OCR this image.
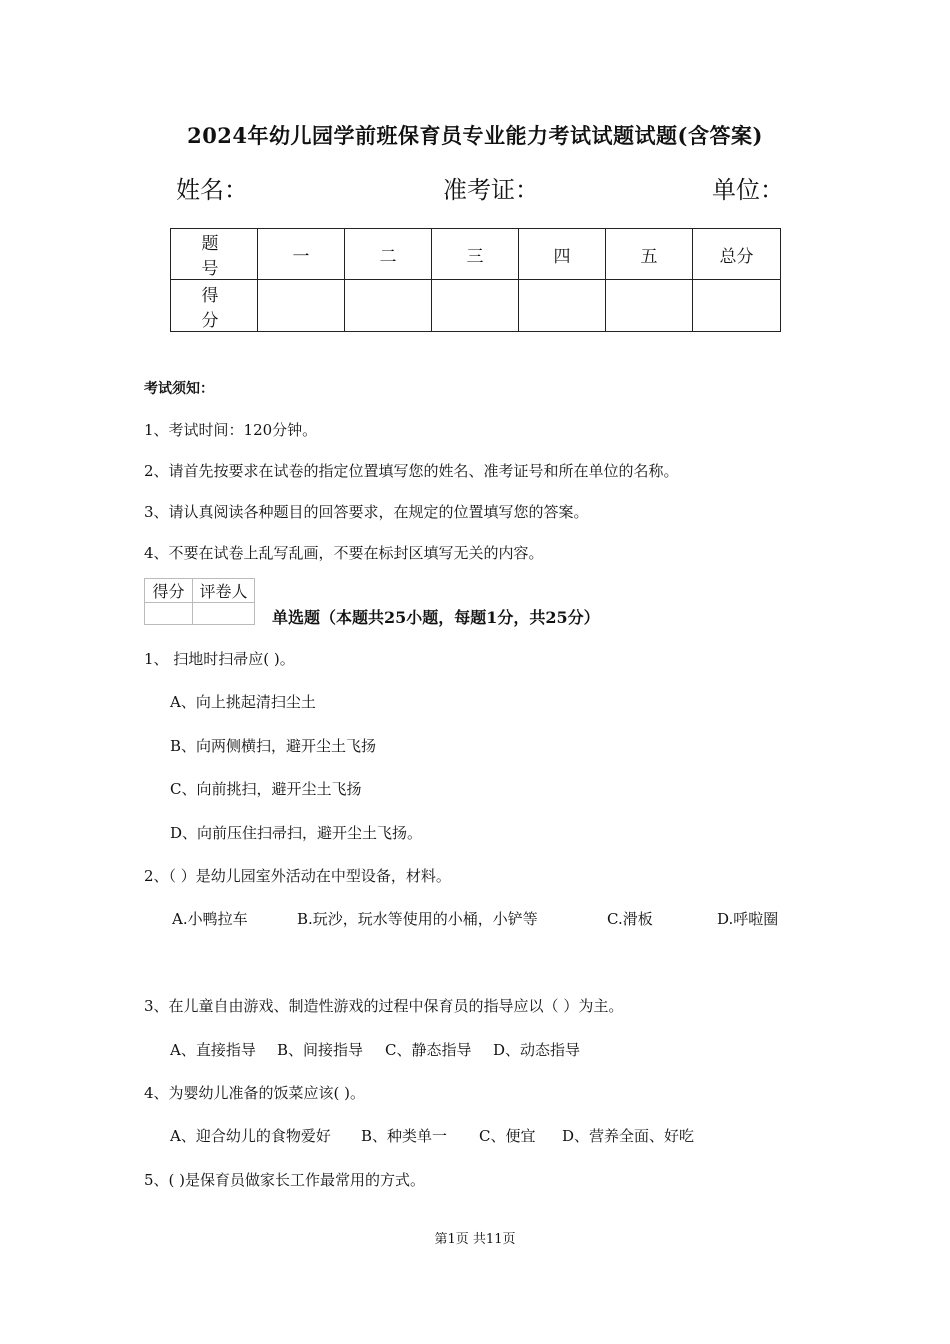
2024年幼儿园学前班保育员专业能力考试试题试题(含答案)
姓名：	准考证：	单位：
题 号	一	二	三	四	五	总分
得 分						
考试须知：
1、考试时间：120分钟。
2、请首先按要求在试卷的指定位置填写您的姓名、准考证号和所在单位的名称。
3、请认真阅读各种题目的回答要求，在规定的位置填写您的答案。
4、不要在试卷上乱写乱画，不要在标封区填写无关的内容。
得分	评卷人

单选题（本题共25小题，每题1分，共25分）
1、 扫地时扫帚应( )。
A、向上挑起清扫尘土
B、向两侧横扫，避开尘土飞扬
C、向前挑扫，避开尘土飞扬
D、向前压住扫帚扫，避开尘土飞扬。
2、（ ）是幼儿园室外活动在中型设备，材料。
A.小鸭拉车	B.玩沙，玩水等使用的小桶，小铲等	C.滑板	D.呼啦圈
3、在儿童自由游戏、制造性游戏的过程中保育员的指导应以（ ）为主。
A、直接指导 B、间接指导 C、静态指导 D、动态指导
4、为婴幼儿准备的饭菜应该( )。
A、迎合幼儿的食物爱好 B、种类单一 C、便宜 D、营养全面、好吃
5、( )是保育员做家长工作最常用的方式。
第1页 共11页
